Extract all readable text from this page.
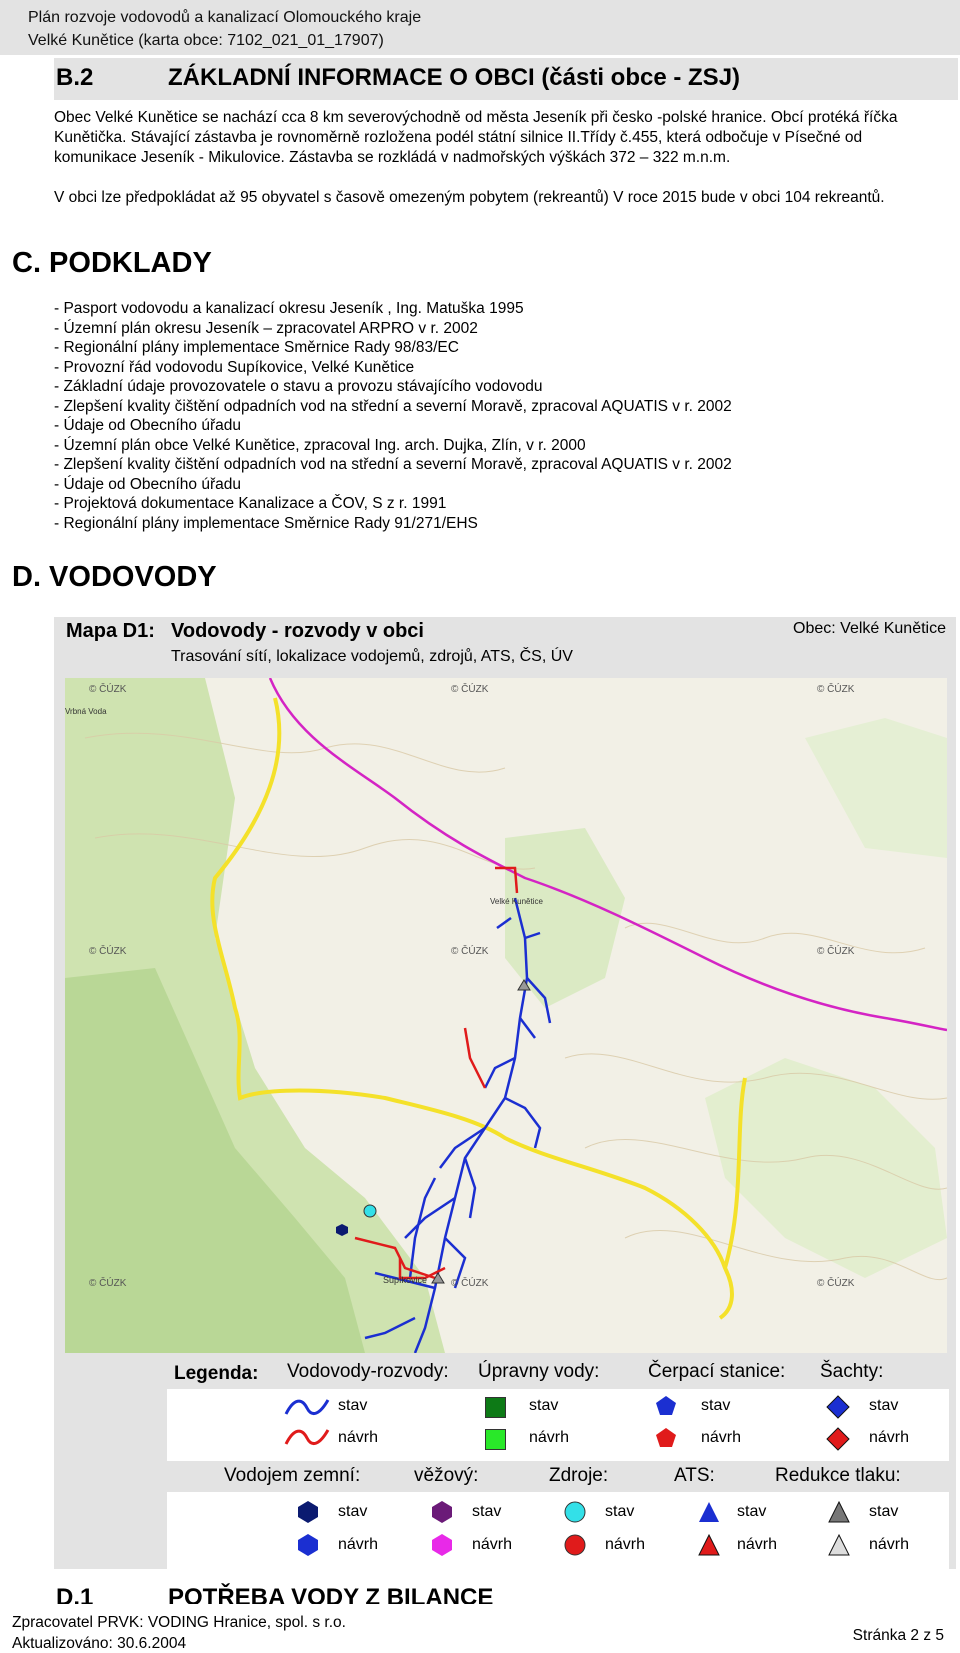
Plán rozvoje vodovodů a kanalizací Olomouckého kraje
Velké Kunětice (karta obce: 7102_021_01_17907)
B.2	ZÁKLADNÍ INFORMACE O OBCI (části obce - ZSJ)
Obec Velké Kunětice se nachází cca 8 km severovýchodně od města Jeseník při česko -polské hranice. Obcí protéká říčka Kunětička. Stávající zástavba je rovnoměrně rozložena podél státní silnice II.Třídy č.455, která odbočuje v Písečné od komunikace Jeseník - Mikulovice. Zástavba se rozkládá v nadmořských výškách 372 – 322 m.n.m.
V obci lze předpokládat až 95 obyvatel s časově omezeným pobytem (rekreantů) V roce 2015 bude v obci 104 rekreantů.
C. PODKLADY
- Pasport vodovodu a kanalizací okresu Jeseník , Ing. Matuška 1995
- Územní plán okresu Jeseník – zpracovatel ARPRO v r. 2002
- Regionální plány implementace Směrnice Rady 98/83/EC
- Provozní řád vodovodu Supíkovice, Velké Kunětice
- Základní údaje provozovatele o stavu a provozu stávajícího vodovodu
- Zlepšení kvality čištění odpadních vod na střední a severní Moravě, zpracoval AQUATIS v r. 2002
- Údaje od Obecního úřadu
- Územní plán obce Velké Kunětice, zpracoval Ing. arch. Dujka, Zlín, v r. 2000
- Zlepšení kvality čištění odpadních vod na střední a severní Moravě, zpracoval AQUATIS v r. 2002
- Údaje od Obecního úřadu
- Projektová dokumentace Kanalizace a ČOV, S z r. 1991
- Regionální plány implementace Směrnice Rady 91/271/EHS
D. VODOVODY
Mapa D1: Vodovody - rozvody v obci
Trasování sítí, lokalizace vodojemů, zdrojů, ATS, ČS, ÚV
Obec: Velké Kunětice
© ČÚZK	© ČÚZK	© ČÚZK
© ČÚZK	© ČÚZK	© ČÚZK
© ČÚZK	© ČÚZK	© ČÚZK
Velké Kunětice
Supíkovice
Vrbná Voda
Legenda: Vodovody-rozvody: Úpravny vody:	Čerpací stanice: Šachty:
stav
návrh
stav
návrh
stav
návrh
stav
návrh
Vodojem zemní:	věžový:	Zdroje:	ATS:	Redukce tlaku:
stav
návrh
stav
návrh
stav
návrh
stav
návrh
stav
návrh
D.1	POTŘEBA VODY Z BILANCE
Zpracovatel PRVK: VODING Hranice, spol. s r.o.
Aktualizováno: 30.6.2004	Stránka 2 z 5
